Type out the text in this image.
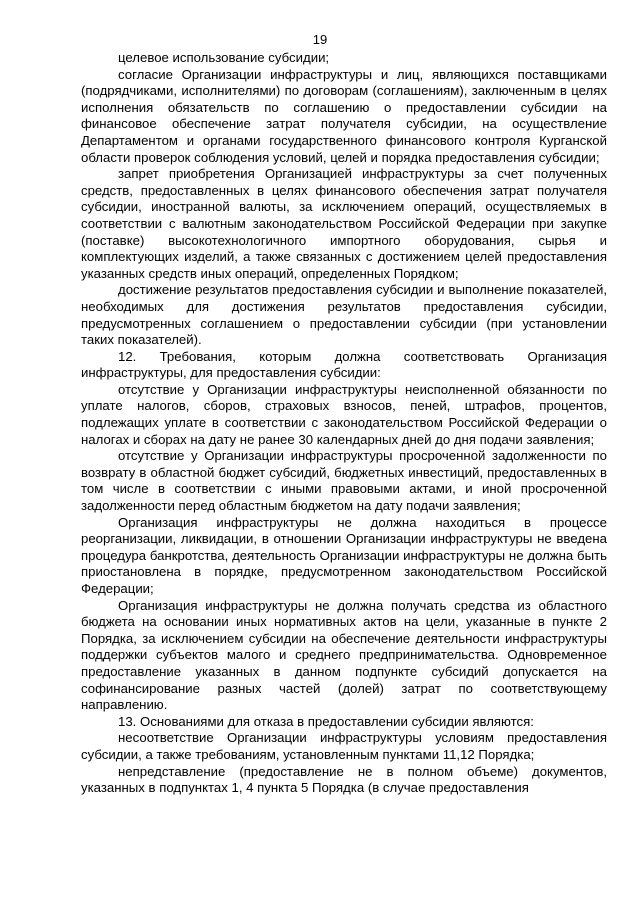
19

целевое использование субсидии;

согласие Организации инфраструктуры и лиц, являющихся поставщиками (подрядчиками, исполнителями) по договорам (соглашениям), заключенным в целях исполнения обязательств по соглашению о предоставлении субсидии на финансовое обеспечение затрат получателя субсидии, на осуществление Департаментом и органами государственного финансового контроля Курганской области проверок соблюдения условий, целей и порядка предоставления субсидии;

запрет приобретения Организацией инфраструктуры за счет полученных средств, предоставленных в целях финансового обеспечения затрат получателя субсидии, иностранной валюты, за исключением операций, осуществляемых в соответствии с валютным законодательством Российской Федерации при закупке (поставке) высокотехнологичного импортного оборудования, сырья и комплектующих изделий, а также связанных с достижением целей предоставления указанных средств иных операций, определенных Порядком;

достижение результатов предоставления субсидии и выполнение показателей, необходимых для достижения результатов предоставления субсидии, предусмотренных соглашением о предоставлении субсидии (при установлении таких показателей).

12. Требования, которым должна соответствовать Организация инфраструктуры, для предоставления субсидии:

отсутствие у Организации инфраструктуры неисполненной обязанности по уплате налогов, сборов, страховых взносов, пеней, штрафов, процентов, подлежащих уплате в соответствии с законодательством Российской Федерации о налогах и сборах на дату не ранее 30 календарных дней до дня подачи заявления;

отсутствие у Организации инфраструктуры просроченной задолженности по возврату в областной бюджет субсидий, бюджетных инвестиций, предоставленных в том числе в соответствии с иными правовыми актами, и иной просроченной задолженности перед областным бюджетом на дату подачи заявления;

Организация инфраструктуры не должна находиться в процессе реорганизации, ликвидации, в отношении Организации инфраструктуры не введена процедура банкротства, деятельность Организации инфраструктуры не должна быть приостановлена в порядке, предусмотренном законодательством Российской Федерации;

Организация инфраструктуры не должна получать средства из областного бюджета на основании иных нормативных актов на цели, указанные в пункте 2 Порядка, за исключением субсидии на обеспечение деятельности инфраструктуры поддержки субъектов малого и среднего предпринимательства. Одновременное предоставление указанных в данном подпункте субсидий допускается на софинансирование разных частей (долей) затрат по соответствующему направлению.

13. Основаниями для отказа в предоставлении субсидии являются:

несоответствие Организации инфраструктуры условиям предоставления субсидии, а также требованиям, установленным пунктами 11,12 Порядка;

непредставление (предоставление не в полном объеме) документов, указанных в подпунктах 1, 4 пункта 5 Порядка (в случае предоставления
